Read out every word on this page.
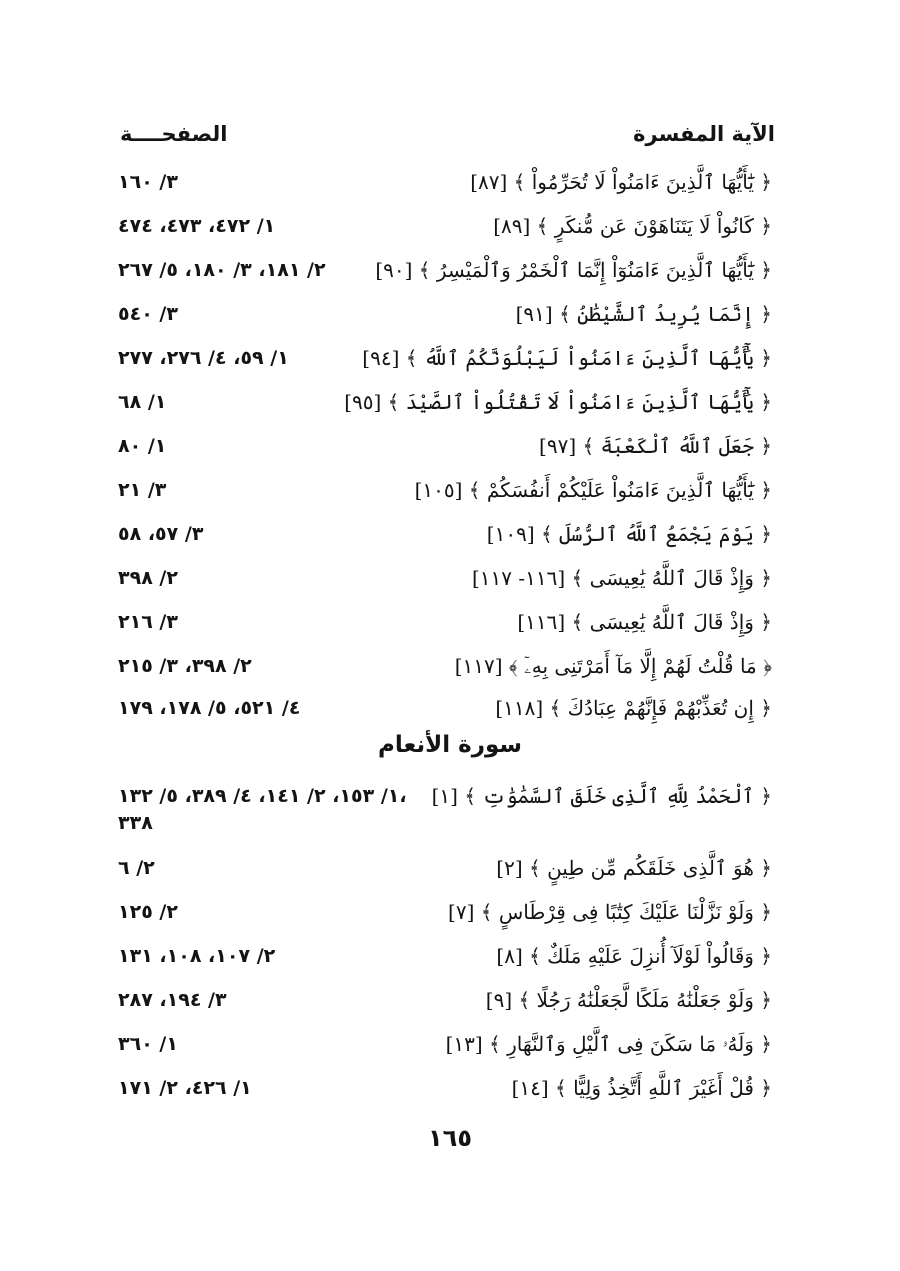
الآية المفسرة
الصفحــــة
﴿ يَٰٓأَيُّهَا ٱلَّذِينَ ءَامَنُواْ لَا تُحَرِّمُواْ ﴾ [٨٧]
٣/ ١٦٠
﴿ كَانُواْ لَا يَتَنَاهَوْنَ عَن مُّنكَرٍ ﴾ [٨٩]
١/ ٤٧٢، ٤٧٣، ٤٧٤
﴿ يَٰٓأَيُّهَا ٱلَّذِينَ ءَامَنُوٓاْ إِنَّمَا ٱلْخَمْرُ وَٱلْمَيْسِرُ ﴾ [٩٠]
٢/ ١٨١، ٣/ ١٨٠، ٥/ ٢٦٧
﴿ إِنَّمَا يُرِيدُ ٱلشَّيْطَٰنُ ﴾ [٩١]
٣/ ٥٤٠
﴿ يَٰٓأَيُّهَا ٱلَّذِينَ ءَامَنُواْ لَيَبْلُوَنَّكُمُ ٱللَّهُ ﴾ [٩٤]
١/ ٥٩، ٤/ ٢٧٦، ٢٧٧
﴿ يَٰٓأَيُّهَا ٱلَّذِينَ ءَامَنُواْ لَا تَقْتُلُواْ ٱلصَّيْدَ ﴾ [٩٥]
١/ ٦٨
﴿ جَعَلَ ٱللَّهُ ٱلْكَعْبَةَ ﴾ [٩٧]
١/ ٨٠
﴿ يَٰٓأَيُّهَا ٱلَّذِينَ ءَامَنُواْ عَلَيْكُمْ أَنفُسَكُمْ ﴾ [١٠٥]
٣/ ٢١
﴿ يَوْمَ يَجْمَعُ ٱللَّهُ ٱلرُّسُلَ ﴾ [١٠٩]
٣/ ٥٧، ٥٨
﴿ وَإِذْ قَالَ ٱللَّهُ يَٰعِيسَى ﴾ [١١٦- ١١٧]
٢/ ٣٩٨
﴿ وَإِذْ قَالَ ٱللَّهُ يَٰعِيسَى ﴾ [١١٦]
٣/ ٢١٦
﴿ مَا قُلْتُ لَهُمْ إِلَّا مَآ أَمَرْتَنِى بِهِۦٓ ﴾ [١١٧]
٢/ ٣٩٨، ٣/ ٢١٥
﴿ إِن تُعَذِّبْهُمْ فَإِنَّهُمْ عِبَادُكَ ﴾ [١١٨]
٤/ ٥٢١، ٥/ ١٧٨، ١٧٩
سورة الأنعام
﴿ ٱلْحَمْدُ لِلَّهِ ٱلَّذِى خَلَقَ ٱلسَّمَٰوَٰتِ ﴾ [١]
١/ ١٥٣، ٢/ ١٤١، ٤/ ٣٨٩، ٥/ ١٣٢،
٣٣٨
﴿ هُوَ ٱلَّذِى خَلَقَكُم مِّن طِينٍ ﴾ [٢]
٢/ ٦
﴿ وَلَوْ نَزَّلْنَا عَلَيْكَ كِتَٰبًا فِى قِرْطَاسٍ ﴾ [٧]
٢/ ١٢٥
﴿ وَقَالُواْ لَوْلَآ أُنزِلَ عَلَيْهِ مَلَكٌ ﴾ [٨]
٢/ ١٠٧، ١٠٨، ١٣١
﴿ وَلَوْ جَعَلْنَٰهُ مَلَكًا لَّجَعَلْنَٰهُ رَجُلًا ﴾ [٩]
٣/ ١٩٤، ٢٨٧
﴿ وَلَهُۥ مَا سَكَنَ فِى ٱلَّيْلِ وَٱلنَّهَارِ ﴾ [١٣]
١/ ٣٦٠
﴿ قُلْ أَغَيْرَ ٱللَّهِ أَتَّخِذُ وَلِيًّا ﴾ [١٤]
١/ ٤٢٦، ٢/ ١٧١
١٦٥
